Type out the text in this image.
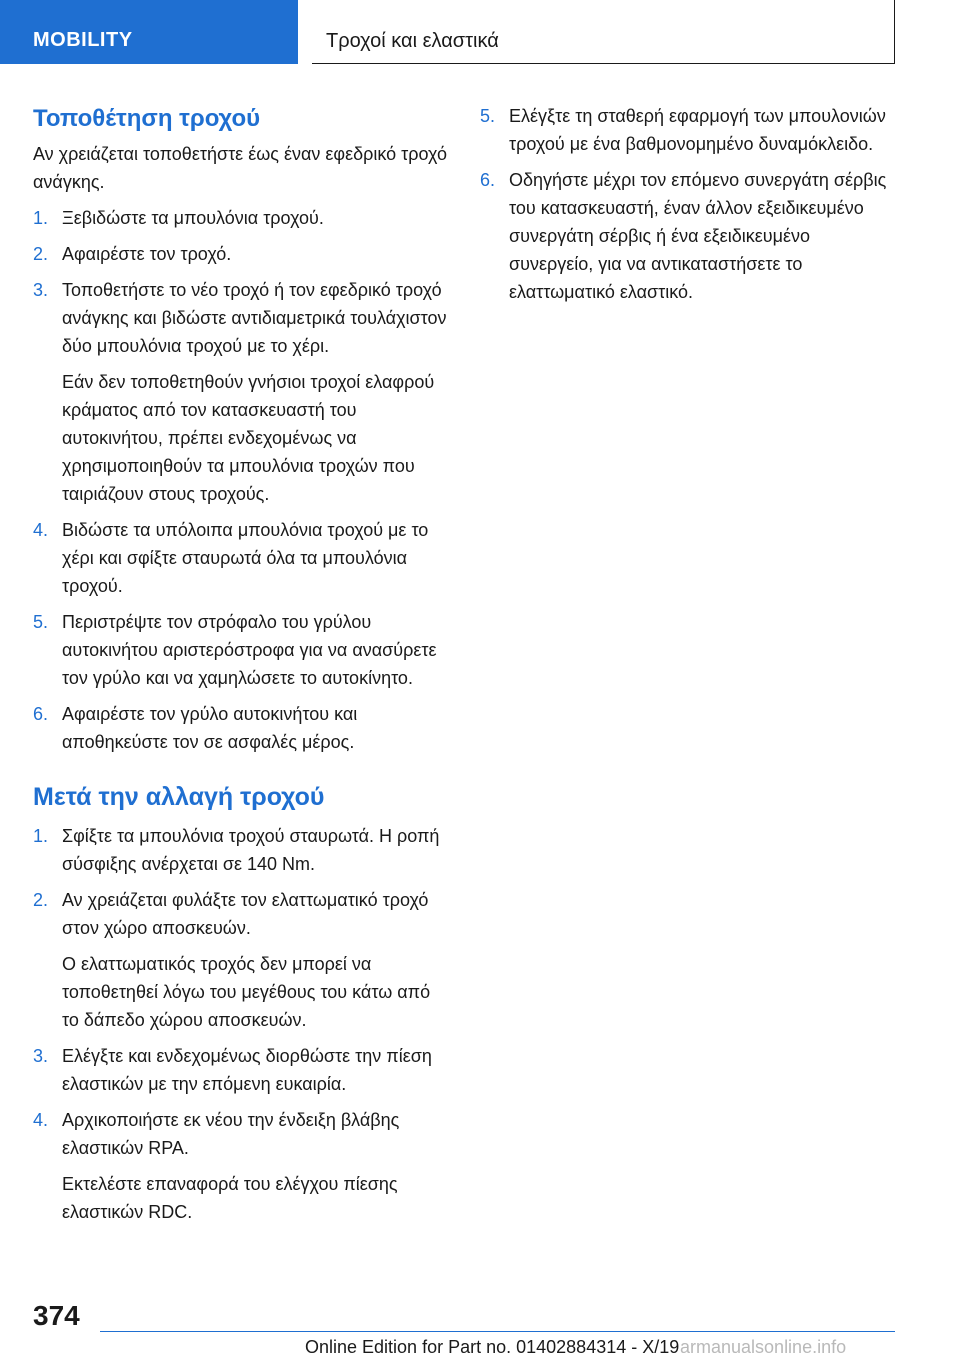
MOBILITY	Τροχοί και ελαστικά
Τοποθέτηση τροχού

Αν χρειάζεται τοποθετήστε έως έναν εφεδρικό τροχό ανάγκης.

1. Ξεβιδώστε τα μπουλόνια τροχού.
2. Αφαιρέστε τον τροχό.
3. Τοποθετήστε το νέο τροχό ή τον εφεδρικό τροχό ανάγκης και βιδώστε αντιδιαμετρικά τουλάχιστον δύο μπουλόνια τροχού με το χέρι.
Εάν δεν τοποθετηθούν γνήσιοι τροχοί ελαφρού κράματος από τον κατασκευαστή του αυτοκινήτου, πρέπει ενδεχομένως να χρησιμοποιηθούν τα μπουλόνια τροχών που ταιριάζουν στους τροχούς.
4. Βιδώστε τα υπόλοιπα μπουλόνια τροχού με το χέρι και σφίξτε σταυρωτά όλα τα μπουλόνια τροχού.
5. Περιστρέψτε τον στρόφαλο του γρύλου αυτοκινήτου αριστερόστροφα για να ανασύρετε τον γρύλο και να χαμηλώσετε το αυτοκίνητο.
6. Αφαιρέστε τον γρύλο αυτοκινήτου και αποθηκεύστε τον σε ασφαλές μέρος.
Μετά την αλλαγή τροχού
1. Σφίξτε τα μπουλόνια τροχού σταυρωτά. Η ροπή σύσφιξης ανέρχεται σε 140 Nm.
2. Αν χρειάζεται φυλάξτε τον ελαττωματικό τροχό στον χώρο αποσκευών.
Ο ελαττωματικός τροχός δεν μπορεί να τοποθετηθεί λόγω του μεγέθους του κάτω από το δάπεδο χώρου αποσκευών.
3. Ελέγξτε και ενδεχομένως διορθώστε την πίεση ελαστικών με την επόμενη ευκαιρία.
4. Αρχικοποιήστε εκ νέου την ένδειξη βλάβης ελαστικών RPA.
Εκτελέστε επαναφορά του ελέγχου πίεσης ελαστικών RDC.
5. Ελέγξτε τη σταθερή εφαρμογή των μπουλονιών τροχού με ένα βαθμονομημένο δυναμόκλειδο.
6. Οδηγήστε μέχρι τον επόμενο συνεργάτη σέρβις του κατασκευαστή, έναν άλλον εξειδικευμένο συνεργάτη σέρβις ή ένα εξειδικευμένο συνεργείο, για να αντικαταστήσετε το ελαττωματικό ελαστικό.
374
Online Edition for Part no. 01402884314 - X/19 armanualsonline.info
